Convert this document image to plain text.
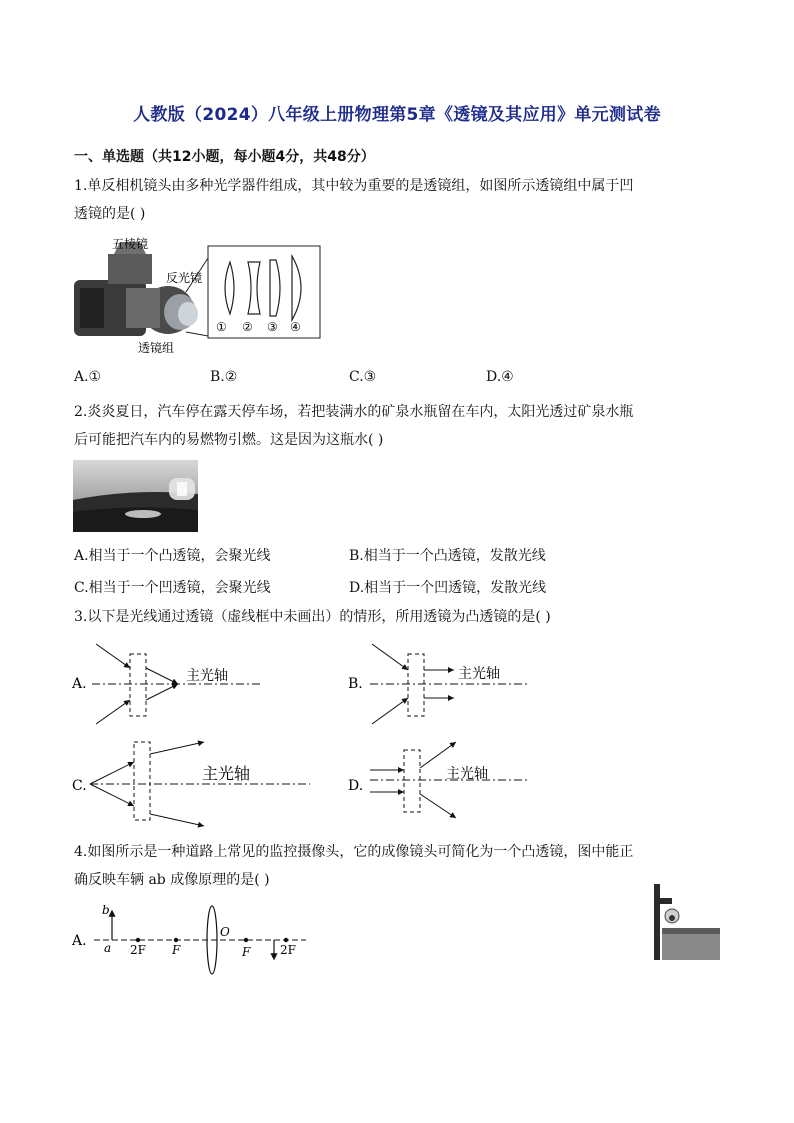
人教版（2024）八年级上册物理第5章《透镜及其应用》单元测试卷
一、单选题（共12小题，每小题4分，共48分）
1.单反相机镜头由多种光学器件组成，其中较为重要的是透镜组，如图所示透镜组中属于凹
透镜的是( )
五棱镜
反光镜
透镜组
① ② ③ ④
A.①	B.②	C.③	D.④
2.炎炎夏日，汽车停在露天停车场，若把装满水的矿泉水瓶留在车内，太阳光透过矿泉水瓶
后可能把汽车内的易燃物引燃。这是因为这瓶水( )
A.相当于一个凸透镜，会聚光线	B.相当于一个凸透镜，发散光线
C.相当于一个凹透镜，会聚光线	D.相当于一个凹透镜，发散光线
3.以下是光线通过透镜（虚线框中未画出）的情形，所用透镜为凸透镜的是( )
A.	主光轴	B.
主光轴
C.
主光轴
D.
主光轴
4.如图所示是一种道路上常见的监控摄像头，它的成像镜头可简化为一个凸透镜，图中能正
确反映车辆 ab 成像原理的是( )
A.
b
a 2F F
O
F 2F
